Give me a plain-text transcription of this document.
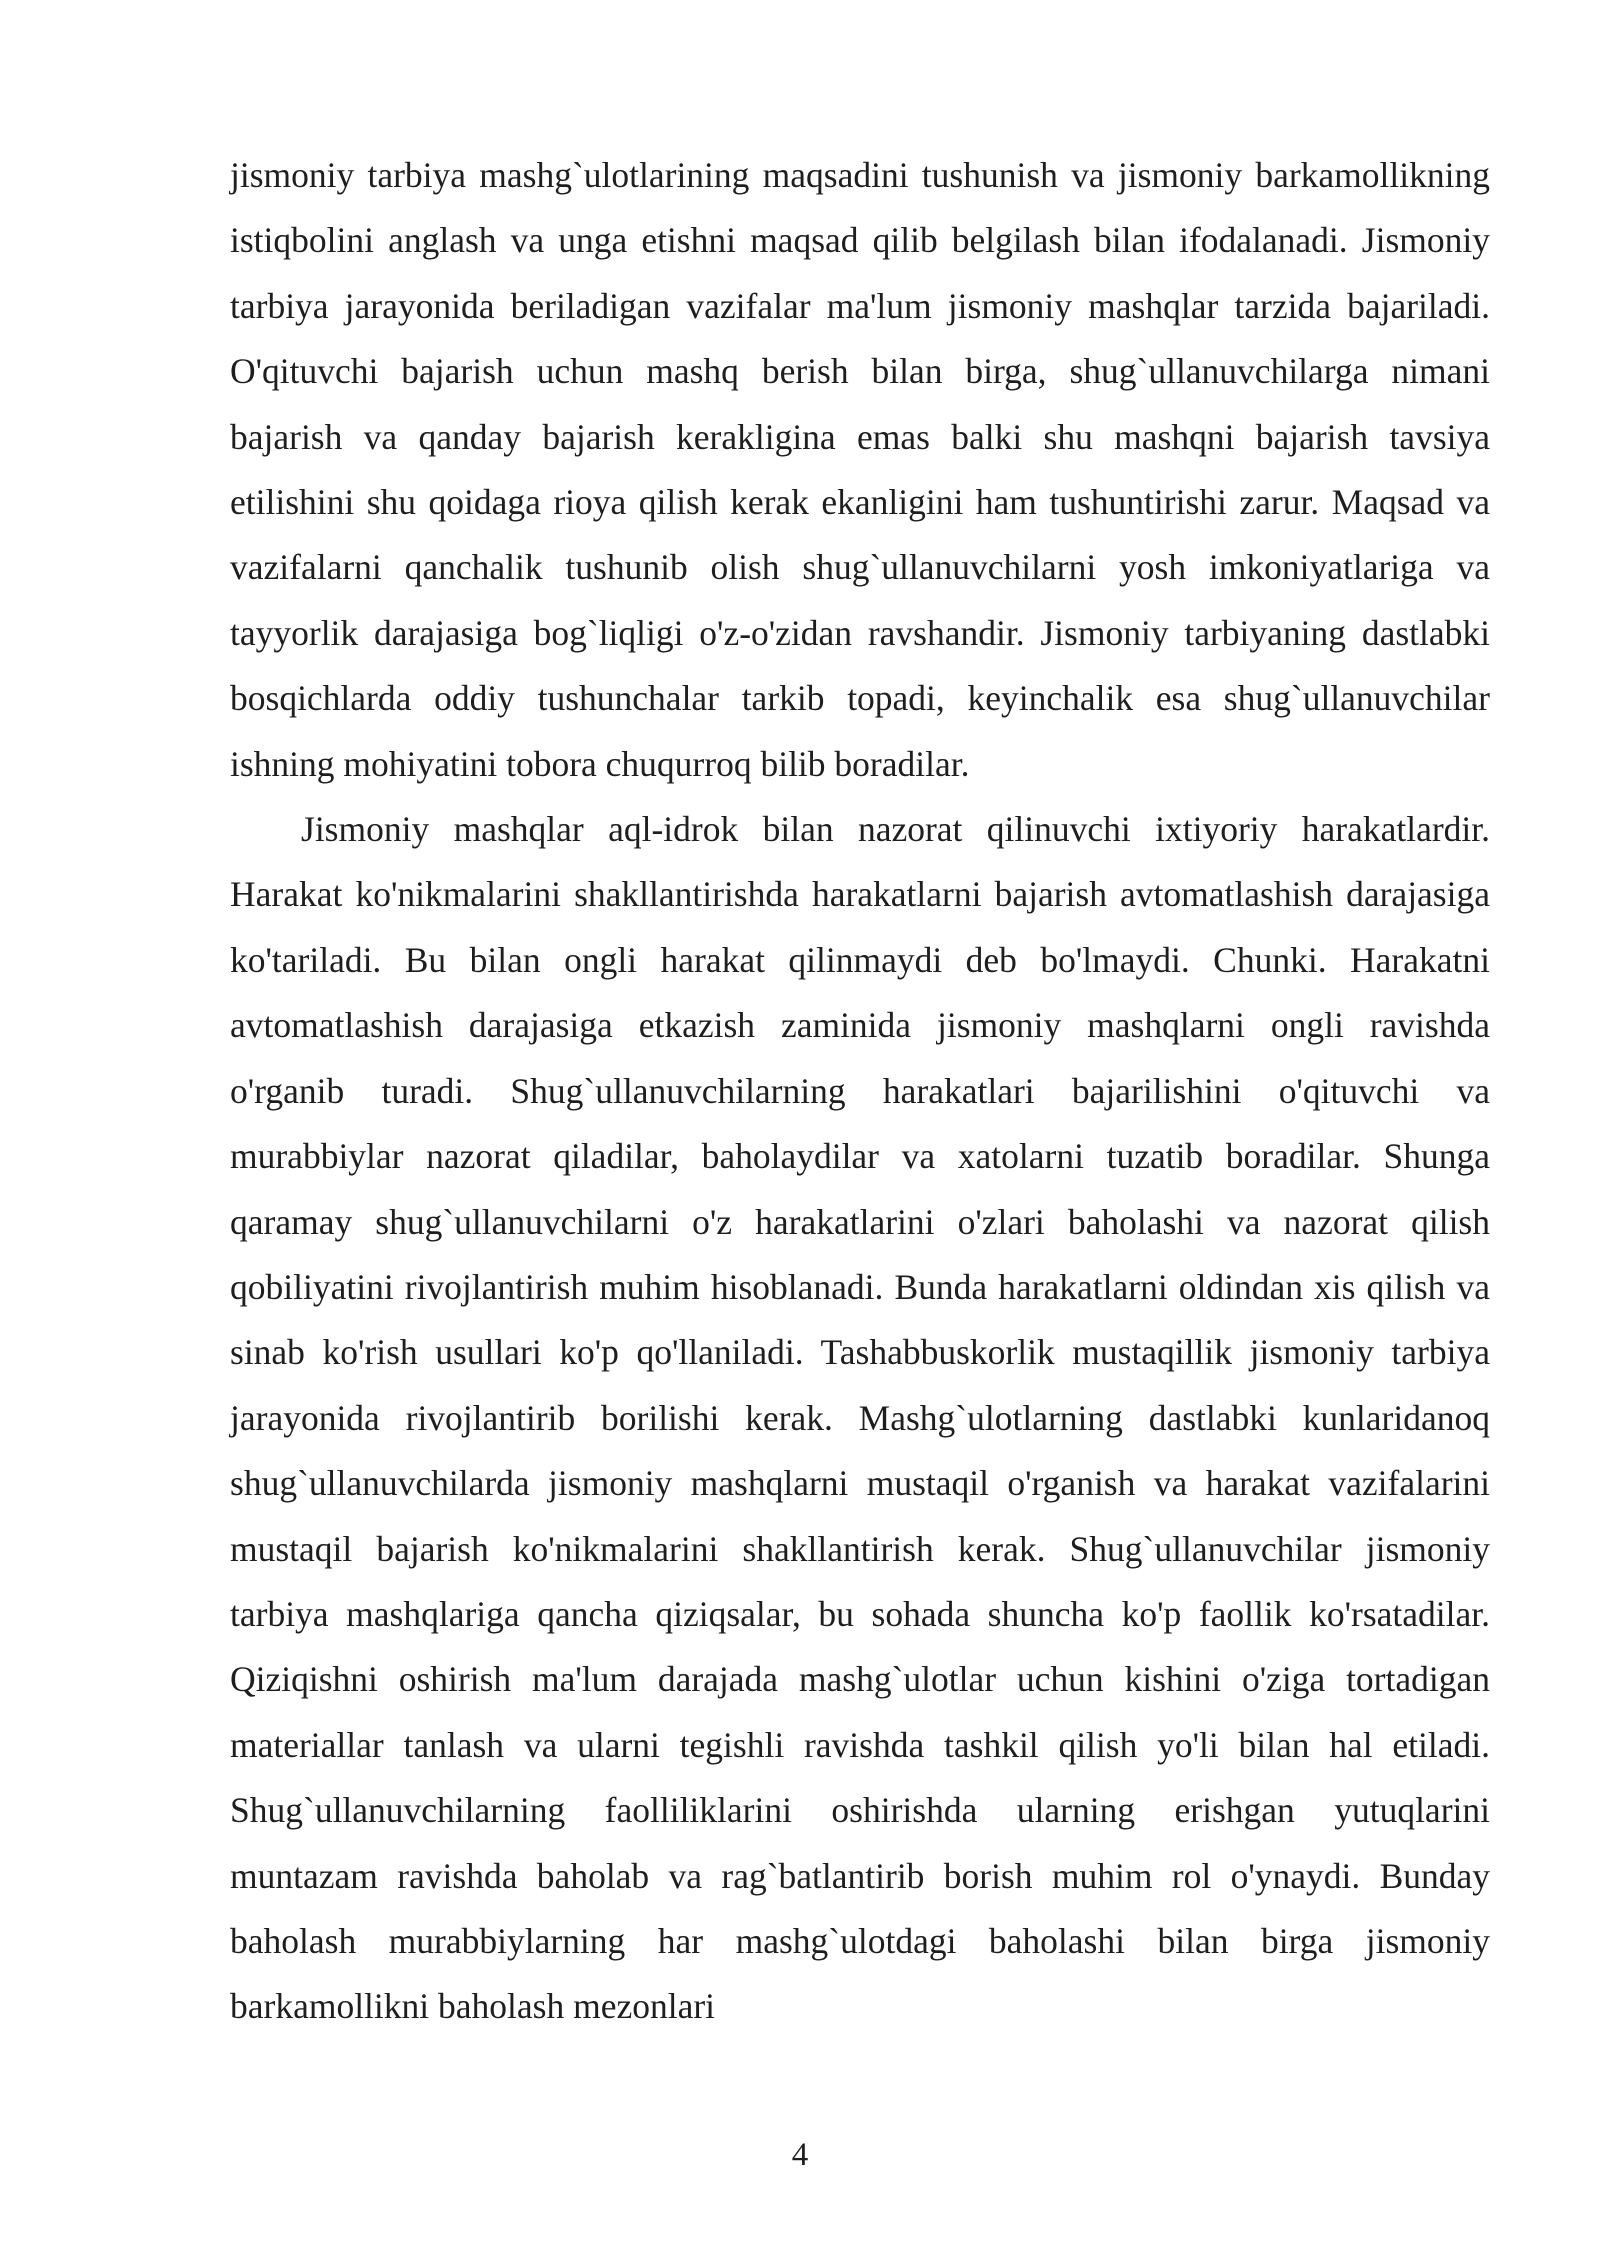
jismoniy tarbiya mashg`ulotlarining maqsadini tushunish va jismoniy barkamollikning istiqbolini anglash va unga etishni maqsad qilib belgilash bilan ifodalanadi. Jismoniy tarbiya jarayonida beriladigan vazifalar ma'lum jismoniy mashqlar tarzida bajariladi. O'qituvchi bajarish uchun mashq berish bilan birga, shug`ullanuvchilarga nimani bajarish va qanday bajarish kerakligina emas balki shu mashqni bajarish tavsiya etilishini shu qoidaga rioya qilish kerak ekanligini ham tushuntirishi zarur. Maqsad va vazifalarni qanchalik tushunib olish shug`ullanuvchilarni yosh imkoniyatlariga va tayyorlik darajasiga bog`liqligi o'z-o'zidan ravshandir. Jismoniy tarbiyaning dastlabki bosqichlarda oddiy tushunchalar tarkib topadi, keyinchalik esa shug`ullanuvchilar ishning mohiyatini tobora chuqurroq bilib boradilar.

Jismoniy mashqlar aql-idrok bilan nazorat qilinuvchi ixtiyoriy harakatlardir. Harakat ko'nikmalarini shakllantirishda harakatlarni bajarish avtomatlashish darajasiga ko'tariladi. Bu bilan ongli harakat qilinmaydi deb bo'lmaydi. Chunki. Harakatni avtomatlashish darajasiga etkazish zaminida jismoniy mashqlarni ongli ravishda o'rganib turadi. Shug`ullanuvchilarning harakatlari bajarilishini o'qituvchi va murabbiylar nazorat qiladilar, baholaydilar va xatolarni tuzatib boradilar. Shunga qaramay shug`ullanuvchilarni o'z harakatlarini o'zlari baholashi va nazorat qilish qobiliyatini rivojlantirish muhim hisoblanadi. Bunda harakatlarni oldindan xis qilish va sinab ko'rish usullari ko'p qo'llaniladi. Tashabbuskorlik mustaqillik jismoniy tarbiya jarayonida rivojlantirib borilishi kerak. Mashg`ulotlarning dastlabki kunlaridanoq shug`ullanuvchilarda jismoniy mashqlarni mustaqil o'rganish va harakat vazifalarini mustaqil bajarish ko'nikmalarini shakllantirish kerak. Shug`ullanuvchilar jismoniy tarbiya mashqlariga qancha qiziqsalar, bu sohada shuncha ko'p faollik ko'rsatadilar. Qiziqishni oshirish ma'lum darajada mashg`ulotlar uchun kishini o'ziga tortadigan materiallar tanlash va ularni tegishli ravishda tashkil qilish yo'li bilan hal etiladi. Shug`ullanuvchilarning faolliliklarini oshirishda ularning erishgan yutuqlarini muntazam ravishda baholab va rag`batlantirib borish muhim rol o'ynaydi. Bunday baholash murabbiylarning har mashg`ulotdagi baholashi bilan birga jismoniy barkamollikni baholash mezonlari

4
